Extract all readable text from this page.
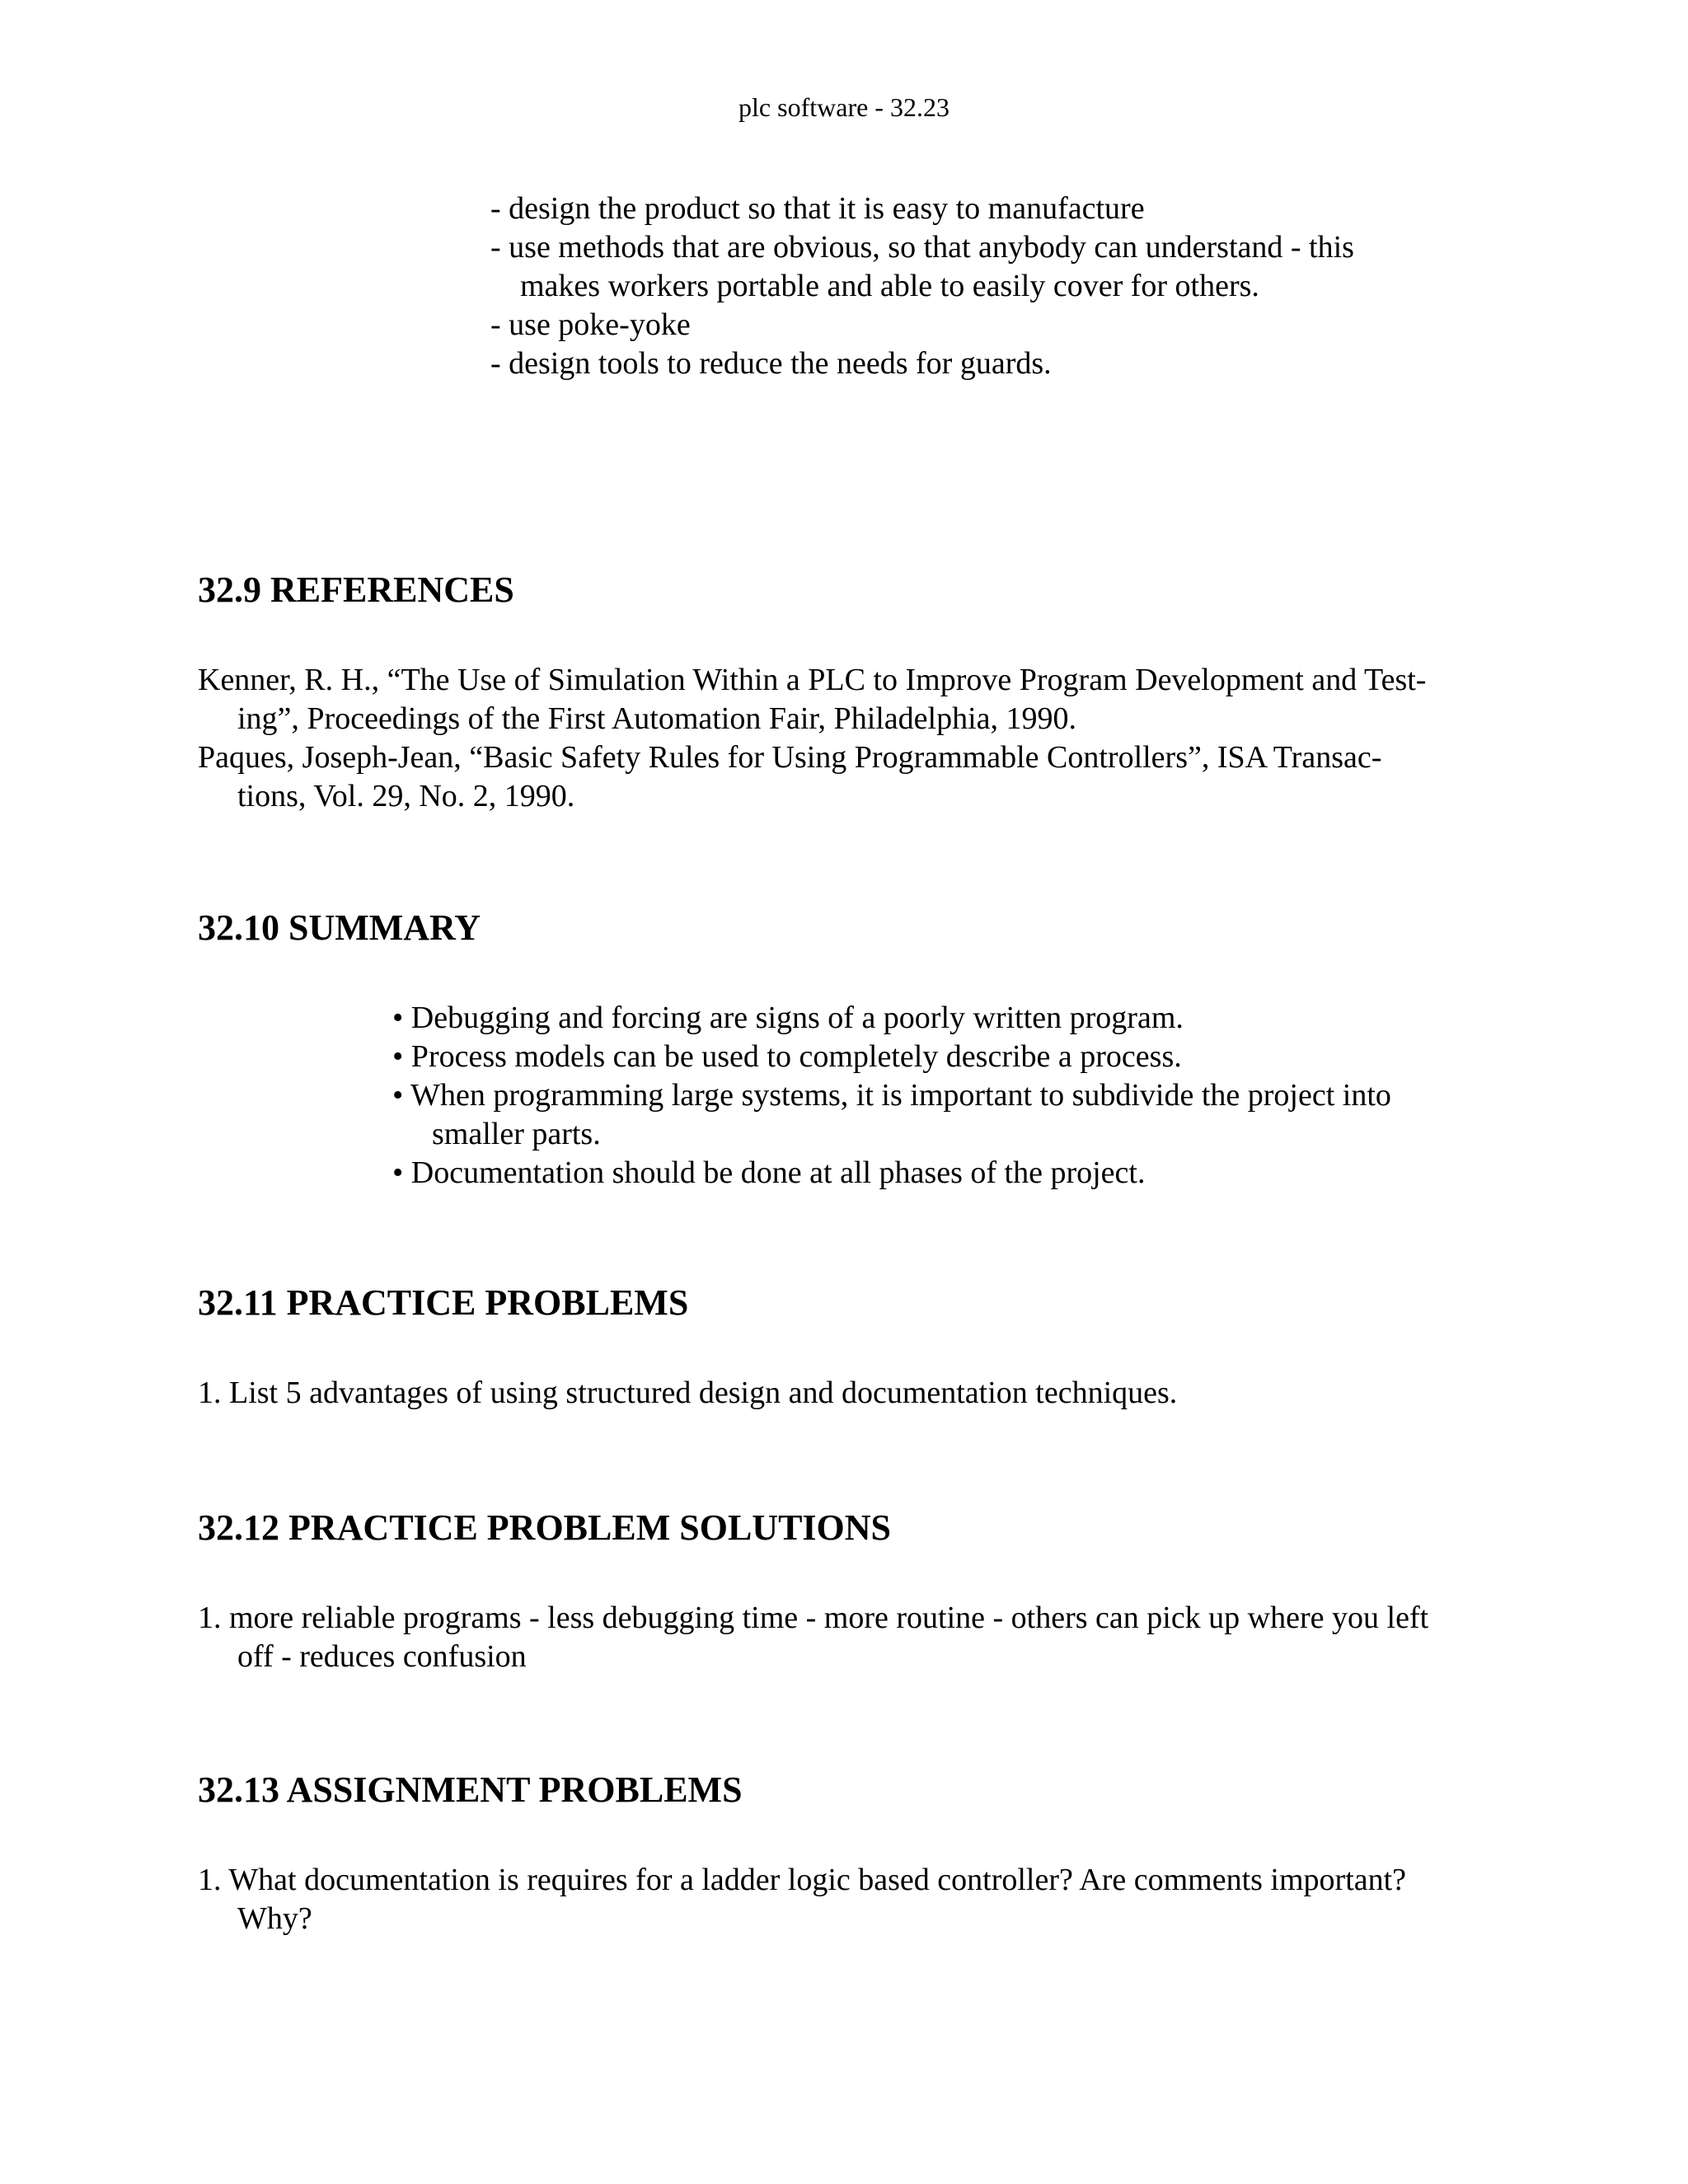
plc software - 32.23
- design the product so that it is easy to manufacture
- use methods that are obvious, so that anybody can understand - this
makes workers portable and able to easily cover for others.
- use poke-yoke
- design tools to reduce the needs for guards.
32.9 REFERENCES
Kenner, R. H., “The Use of Simulation Within a PLC to Improve Program Development and Test-
ing”, Proceedings of the First Automation Fair, Philadelphia, 1990.
Paques, Joseph-Jean, “Basic Safety Rules for Using Programmable Controllers”, ISA Transac-
tions, Vol. 29, No. 2, 1990.
32.10 SUMMARY
• Debugging and forcing are signs of a poorly written program.
• Process models can be used to completely describe a process.
• When programming large systems, it is important to subdivide the project into
smaller parts.
• Documentation should be done at all phases of the project.
32.11 PRACTICE PROBLEMS
1. List 5 advantages of using structured design and documentation techniques.
32.12 PRACTICE PROBLEM SOLUTIONS
1. more reliable programs - less debugging time - more routine - others can pick up where you left
off - reduces confusion
32.13 ASSIGNMENT PROBLEMS
1. What documentation is requires for a ladder logic based controller? Are comments important?
Why?
